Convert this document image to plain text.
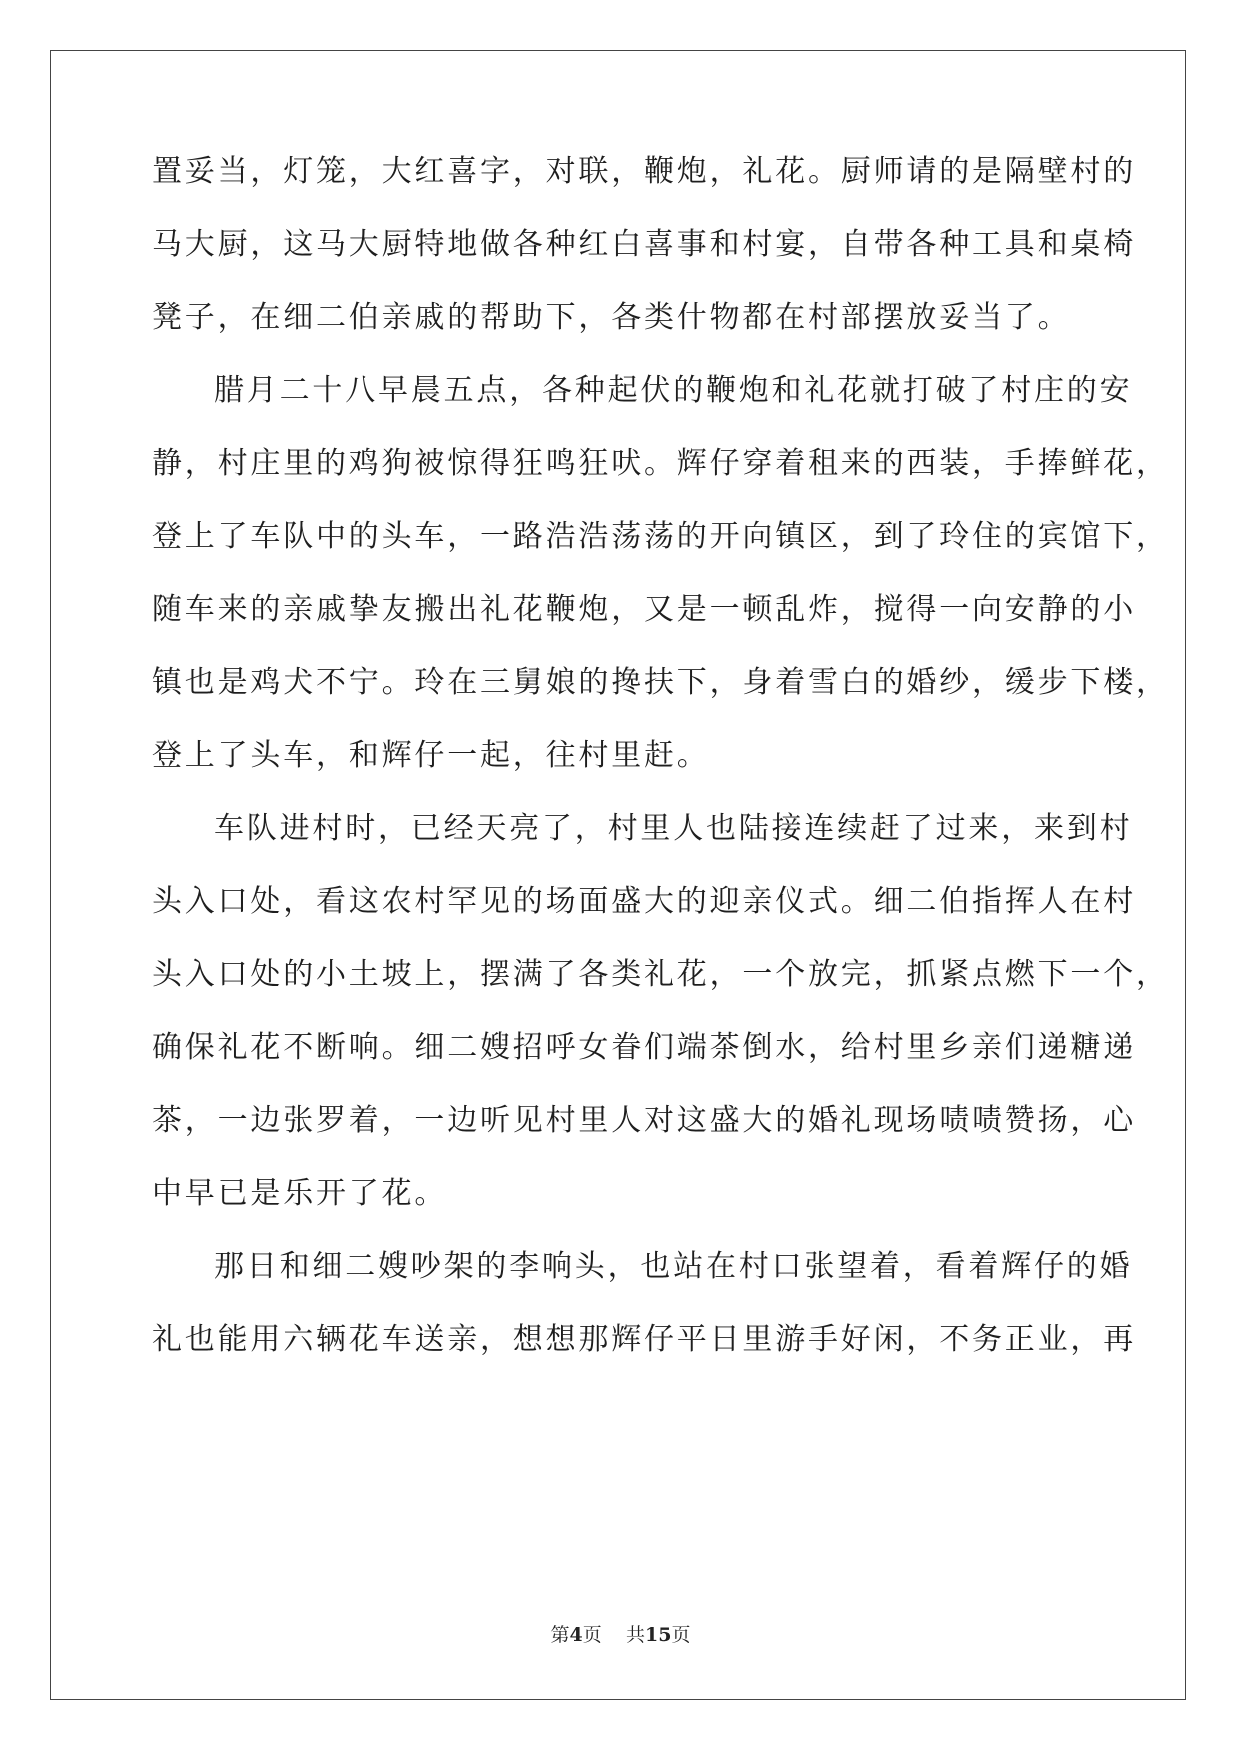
置妥当，灯笼，大红喜字，对联，鞭炮，礼花。厨师请的是隔壁村的
马大厨，这马大厨特地做各种红白喜事和村宴，自带各种工具和桌椅
凳子，在细二伯亲戚的帮助下，各类什物都在村部摆放妥当了。
腊月二十八早晨五点，各种起伏的鞭炮和礼花就打破了村庄的安
静，村庄里的鸡狗被惊得狂鸣狂吠。辉仔穿着租来的西装，手捧鲜花，
登上了车队中的头车，一路浩浩荡荡的开向镇区，到了玲住的宾馆下，
随车来的亲戚挚友搬出礼花鞭炮，又是一顿乱炸，搅得一向安静的小
镇也是鸡犬不宁。玲在三舅娘的搀扶下，身着雪白的婚纱，缓步下楼，
登上了头车，和辉仔一起，往村里赶。
车队进村时，已经天亮了，村里人也陆接连续赶了过来，来到村
头入口处，看这农村罕见的场面盛大的迎亲仪式。细二伯指挥人在村
头入口处的小土坡上，摆满了各类礼花，一个放完，抓紧点燃下一个，
确保礼花不断响。细二嫂招呼女眷们端茶倒水，给村里乡亲们递糖递
茶，一边张罗着，一边听见村里人对这盛大的婚礼现场啧啧赞扬，心
中早已是乐开了花。
那日和细二嫂吵架的李响头，也站在村口张望着，看着辉仔的婚
礼也能用六辆花车送亲，想想那辉仔平日里游手好闲，不务正业，再
第4页 共15页
